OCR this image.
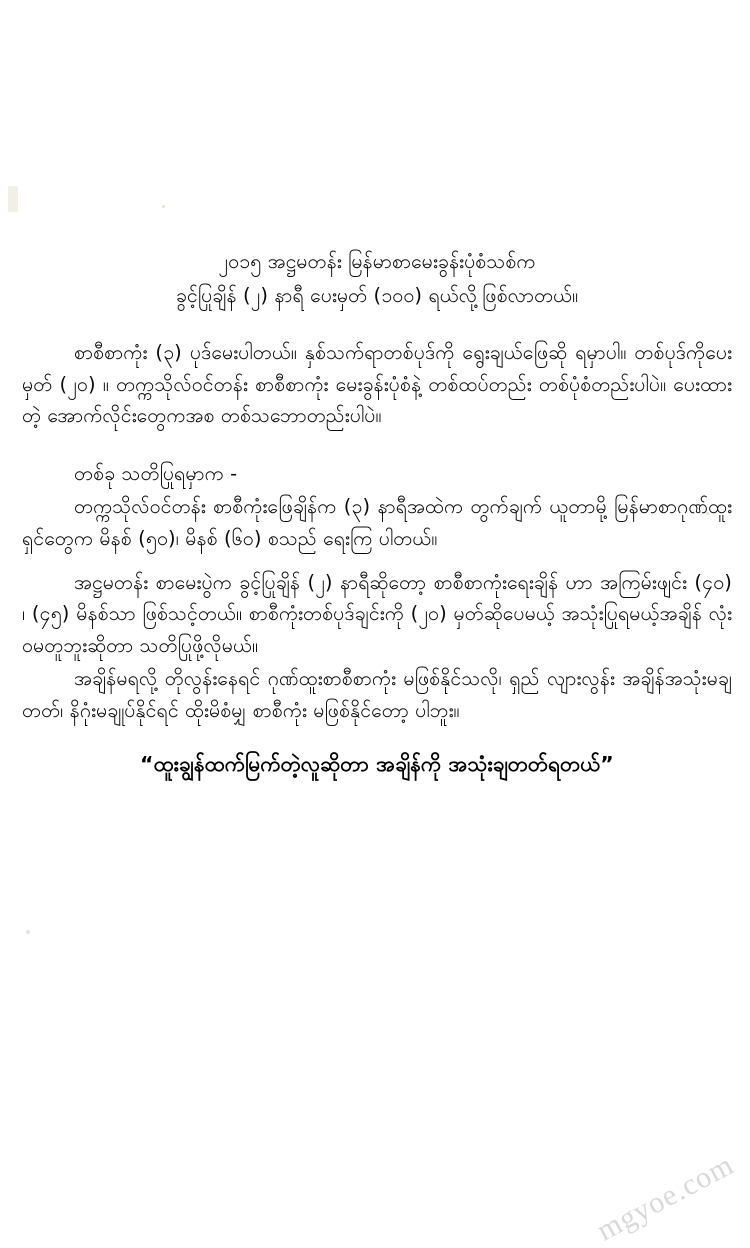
၂၀၁၅ အဋ္ဌမတန်း မြန်မာစာမေးခွန်းပုံစံသစ်က

ခွင့်ပြုချိန် (၂) နာရီ ပေးမှတ် (၁၀၀) ရယ်လို့ဖြစ်လာတယ်။

စာစီစာကုံး (၃) ပုဒ်မေးပါတယ်။ နှစ်သက်ရာတစ်ပုဒ်ကို ရွေးချယ်ဖြေဆို ရမှာပါ။ တစ်ပုဒ်ကိုပေးမှတ် (၂၀) ။ တက္ကသိုလ်ဝင်တန်း စာစီစာကုံး မေးခွန်းပုံစံနဲ့ တစ်ထပ်တည်း တစ်ပုံစံတည်းပါပဲ။ ပေးထားတဲ့ အောက်လိုင်းတွေကအစ တစ်သဘောတည်းပါပဲ။

တစ်ခု သတိပြုရမှာက -

တက္ကသိုလ်ဝင်တန်း စာစီကုံးဖြေချိန်က (၃) နာရီအထဲက တွက်ချက် ယူတာမို့ မြန်မာစာဂုဏ်ထူးရှင်တွေက မိနစ် (၅၀)၊ မိနစ် (၆၀) စသည် ရေးကြ ပါတယ်။

အဋ္ဌမတန်း စာမေးပွဲက ခွင့်ပြုချိန် (၂) နာရီဆိုတော့ စာစီစာကုံးရေးချိန် ဟာ အကြမ်းဖျင်း (၄၀) ၊ (၄၅) မိနစ်သာ ဖြစ်သင့်တယ်။ စာစီကုံးတစ်ပုဒ်ချင်းကို (၂၀) မှတ်ဆိုပေမယ့် အသုံးပြုရမယ့်အချိန် လုံးဝမတူဘူးဆိုတာ သတိပြုဖို့လိုမယ်။

အချိန်မရလို့ တိုလွန်းနေရင် ဂုဏ်ထူးစာစီစာကုံး မဖြစ်နိုင်သလို၊ ရှည် လျားလွန်း အချိန်အသုံးမချတတ်၊ နိဂုံးမချုပ်နိုင်ရင် ထိုးမိစံမျှ စာစီကုံး မဖြစ်နိုင်တော့ ပါဘူး။

“ထူးချွန်ထက်မြက်တဲ့လူဆိုတာ အချိန်ကို အသုံးချတတ်ရတယ်”

mgyoe.com
